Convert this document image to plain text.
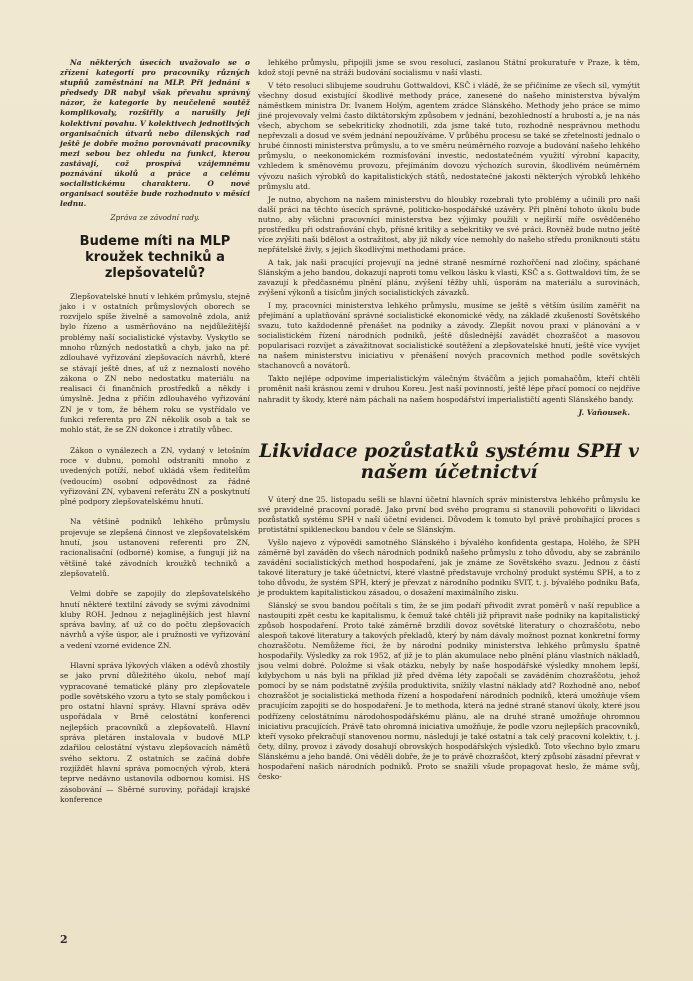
Na některých úsecích uvažovalo se o zřízení kategorií pro pracovníky různých stupňů zaměstnání na MLP. Při jednání s předsedy DR nabyl však převahu správný názor, že kategorie by neučeleně soutěž komplikovaly, rozšiřily a narušily její kolektivní povahu. V kolektivech jednotlivých organisačních útvarů nebo dílenských rad ještě je dobře možno porovnávati pracovníky mezi sebou bez ohledu na funkci, kterou zastávají, což prospívá vzájemnému poznávání úkolů a práce a celému socialistickému charakteru. O nové organisaci soutěže bude rozhodnuto v měsíci lednu.

Zpráva ze závodní rady.

Budeme míti na MLP kroužek techniků a zlepšovatelů?

Zlepšovatelské hnutí v lehkém průmyslu, stejně jako i v ostatních průmyslových oborech se rozvíjelo spíše živelně a samovolně zdola, aniž bylo řízeno a usměrňováno na nejdůležitější problémy naší socialistické výstavby. Vyskytlo se mnoho různých nedostatků a chyb, jako na př. zdlouhavé vyřizování zlepšovacích návrhů, které se stávají ještě dnes, ať už z neznalosti nového zákona o ZN nebo nedostatku materiálu na realisaci či finančních prostředků a někdy i úmyslně. Jedna z příčin zdlouhavého vyřizování ZN je v tom, že během roku se vystřídalo ve funkci referenta pro ZN několik osob a tak se mohlo stát, že se ZN dokonce i ztratily vůbec.

Zákon o vynálezech a ZN, vydaný v letošním roce v dubnu, pomohl odstraniti mnoho z uvedených potíží, neboť ukládá všem ředitelům (vedoucím) osobní odpovědnost za řádné vyřizování ZN, vybavení referátu ZN a poskytnutí plné podpory zlepšovatelskému hnutí.

Na většině podniků lehkého průmyslu projevuje se zlepšená činnost ve zlepšovatelském hnutí, jsou ustanoveni referenti pro ZN, racionalisační (odborné) komise, a fungují již na většině také závodních kroužků techniků a zlepšovatelů.

Velmi dobře se zapojily do zlepšovatelského hnutí některé textilní závody se svými závodními kluby ROH. Jednou z nejaglinějších jest hlavní správa bavlny, ať už co do počtu zlepšovacích návrhů a výše úspor, ale i pružnosti ve vyřizování a vedení vzorné evidence ZN.

Hlavní správa lýkových vláken a oděvů zhostily se jako první důležitého úkolu, neboť mají vypracované tematické plány pro zlepšovatele podle sovětského vzoru a tyto se staly pomůckou i pro ostatní hlavní správy. Hlavní správa oděv uspořádala v Brně celostátní konferenci nejlepších pracovníků a zlepšovatelů. Hlavní správa pletáren instalovala v budově MLP zdařilou celostátní výstavu zlepšovacích námětů svého sektoru. Z ostatních se začíná dobře rozjíždět hlavní správa pomocných výrob, která teprve nedávno ustanovila odbornou komisi. HS zásobování — Sběrné suroviny, pořádají krajské konference

lehkého průmyslu, připojili jsme se svou resolucí, zaslanou Státní prokuratuře v Praze, k těm, kdož stojí pevně na stráži budování socialismu v naší vlasti.

V této resoluci slibujeme soudruhu Gottwaldovi, KSČ i vládě, že se přičiníme ze všech sil, vymýtit všechny dosud existující škodlivé methody práce, zanesené do našeho ministerstva bývalým náměstkem ministra Dr. Ivanem Holým, agentem zrádce Slánského. Methody jeho práce se mimo jiné projevovaly velmi často diktátorským způsobem v jednání, bezohledností a hrubostí a, je na nás všech, abychom se sebekriticky zhodnotili, zda jsme také tuto, rozhodně nesprávnou methodu nepřevzali a dosud ve svém jednání nepoužíváme. V průběhu procesu se také se zřetelností jednalo o hrubé činnosti ministerstva průmyslu, a to ve směru neúměrného rozvoje a budování našeho lehkého průmyslu, o neekonomickém rozmísťování investic, nedostatečném využití výrobní kapacity, vzhledem k směnovému provozu, přejímáním dovozu výchozích surovin, škodlivém neúměrném vývozu našich výrobků do kapitalistických států, nedostatečné jakosti některých výrobků lehkého průmyslu atd.

Je nutno, abychom na našem ministerstvu do hloubky rozebrali tyto problémy a učinili pro naši další práci na těchto úsecích správné, politicko-hospodářské uzávěry. Při plnění tohoto úkolu bude nutno, aby všichni pracovníci ministerstva bez výjimky použili v nejširší míře osvědčeného prostředku při odstraňování chyb, přísné kritiky a sebekritiky ve své práci. Rovněž bude nutno ještě více zvýšiti naši bdělost a ostražitost, aby již nikdy více nemohly do našeho středu proniknouti státu nepřátelské živly, s jejich škodlivými methodami práce.

A tak, jak naši pracující projevují na jedné straně nesmírné rozhořčení nad zločiny, spáchané Slánským a jeho bandou, dokazují naproti tomu velkou lásku k vlasti, KSČ a s. Gottwaldovi tím, že se zavazují k předčasnému plnění plánu, zvýšení těžby uhlí, úsporám na materiálu a surovinách, zvýšení výkonů a tisícům jiných socialistických závazků.

I my, pracovníci ministerstva lehkého průmyslu, musíme se ještě s větším úsilím zaměřit na přejímání a uplatňování správné socialistické ekonomické vědy, na základě zkušeností Sovětského svazu, tuto každodenně přenášet na podniky a závody. Zlepšit novou praxi v plánování a v socialistickém řízení národních podniků, ještě důslednější zavádět chozraščot a masovou popularisaci rozvíjet a závažitnovat socialistické soutěžení a zlepšovatelské hnutí, ještě více vyvíjet na našem ministerstvu iniciativu v přenášení nových pracovních method podle sovětských stachanovců a novátorů.

Takto nejlépe odpovíme imperialistickým válečným štváčům a jejich pomahačům, kteří chtěli proměnit naši krásnou zemi v druhou Koreu. Jest naší povinností, ještě lépe přací pomocí co nejdříve nahradit ty škody, které nám páchali na našem hospodářství imperialističtí agenti Slánského bandy.

J. Vaňousek.
Likvidace pozůstatků systému SPH v našem účetnictví

V úterý dne 25. listopadu sešli se hlavní účetní hlavních správ ministerstva lehkého průmyslu ke své pravidelné pracovní poradě. Jako první bod svého programu si stanovili pohovořiti o likvidaci pozůstatků systému SPH v naší účetní evidenci. Důvodem k tomuto byl právě probíhající proces s protistátní spikleneckou bandou v čele se Slánským.

Vyšlo najevo z výpovědi samotného Slánského i bývalého konfidenta gestapa, Holého, že SPH záměrně byl zaváděn do všech národních podniků našeho průmyslu z toho důvodu, aby se zabránilo zavádění socialistických method hospodaření, jak je známe ze Sovětského svazu. Jednou z částí takové literatury je také účetnictví, které vlastně představuje vrcholný produkt systému SPH, a to z toho důvodu, že systém SPH, který je převzat z národního podniku SVIT, t. j. bývalého podniku Baťa, je produktem kapitalistickou zásadou, o dosažení maximálního zisku.

Slánský se svou bandou počítali s tím, že se jim podaří přivodit zvrat poměrů v naší republice a nastoupiti zpět cestu ke kapitalismu, k čemuž také chtěli již připravit naše podniky na kapitalistický způsob hospodaření. Proto také záměrně brzdili dovoz sovětské literatury o chozraščotu, nebo alespoň takové literatury a takových překladů, který by nám dávaly možnost poznat konkretní formy chozraščotu. Nemůžeme říci, že by národní podniky ministerstva lehkého průmyslu špatně hospodařily. Výsledky za rok 1952, ať již je to plán akumulace nebo plnění plánu vlastních nákladů, jsou velmi dobré. Položme si však otázku, nebyly by naše hospodářské výsledky mnohem lepší, kdybychom u nás byli na příklad již před dvěma léty započali se zaváděním chozraščotu, jehož pomocí by se nám podstatně zvýšila produktivita, snížily vlastní náklady atd? Rozhodně ano, neboť chozraščot je socialistická methoda řízení a hospodaření národních podniků, která umožňuje všem pracujícím zapojiti se do hospodaření. Je to methoda, která na jedné straně stanoví úkoly, které jsou podřízeny celostátnímu národohospodářskému plánu, ale na druhé straně umožňuje ohromnou iniciativu pracujících. Právě tato ohromná iniciativa umožňuje, že podle vzoru nejlepších pracovníků, kteří vysoko překračují stanovenou normu, následují je také ostatní a tak celý pracovní kolektiv, t. j. čety, dílny, provoz i závody dosahují obrovských hospodářských výsledků. Toto všechno bylo zmaru Slánskému a jeho bandě. Oni věděli dobře, že je to právě chozraščot, který způsobí zásadní převrat v hospodaření našich národních podniků. Proto se snažili všude propagovat heslo, že máme svůj, česko-

2
